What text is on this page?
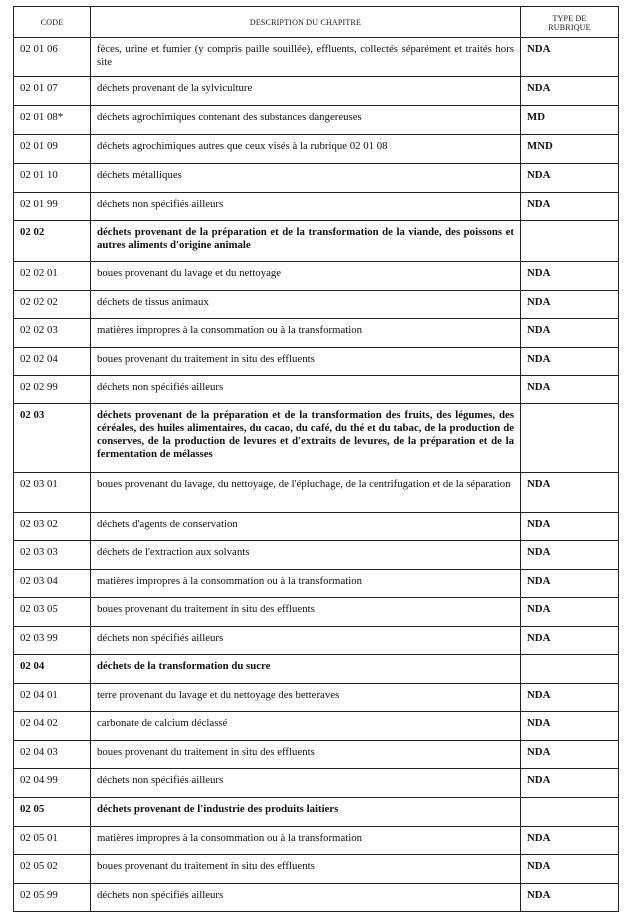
CODE	DESCRIPTION DU CHAPITRE	TYPE DE
RUBRIQUE
02 01 06	fèces, urine et fumier (y compris paille souillée), effluents, collectés séparément et traités hors site	NDA
02 01 07	déchets provenant de la sylviculture	NDA
02 01 08*	déchets agrochimiques contenant des substances dangereuses	MD
02 01 09	déchets agrochimiques autres que ceux visés à la rubrique 02 01 08	MND
02 01 10	déchets métalliques	NDA
02 01 99	déchets non spécifiés ailleurs	NDA
02 02	déchets provenant de la préparation et de la transformation de la viande, des poissons et autres aliments d'origine animale	
02 02 01	boues provenant du lavage et du nettoyage	NDA
02 02 02	déchets de tissus animaux	NDA
02 02 03	matières impropres à la consommation ou à la transformation	NDA
02 02 04	boues provenant du traitement in situ des effluents	NDA
02 02 99	déchets non spécifiés ailleurs	NDA
02 03	déchets provenant de la préparation et de la transformation des fruits, des légumes, des céréales, des huiles alimentaires, du cacao, du café, du thé et du tabac, de la production de conserves, de la production de levures et d'extraits de levures, de la préparation et de la fermentation de mélasses	
02 03 01	boues provenant du lavage, du nettoyage, de l'épluchage, de la centrifugation et de la séparation	NDA
02 03 02	déchets d'agents de conservation	NDA
02 03 03	déchets de l'extraction aux solvants	NDA
02 03 04	matières impropres à la consommation ou à la transformation	NDA
02 03 05	boues provenant du traitement in situ des effluents	NDA
02 03 99	déchets non spécifiés ailleurs	NDA
02 04	déchets de la transformation du sucre	
02 04 01	terre provenant du lavage et du nettoyage des betteraves	NDA
02 04 02	carbonate de calcium déclassé	NDA
02 04 03	boues provenant du traitement in situ des effluents	NDA
02 04 99	déchets non spécifiés ailleurs	NDA
02 05	déchets provenant de l'industrie des produits laitiers	
02 05 01	matières impropres à la consommation ou à la transformation	NDA
02 05 02	boues provenant du traitement in situ des effluents	NDA
02 05 99	déchets non spécifiés ailleurs	NDA
